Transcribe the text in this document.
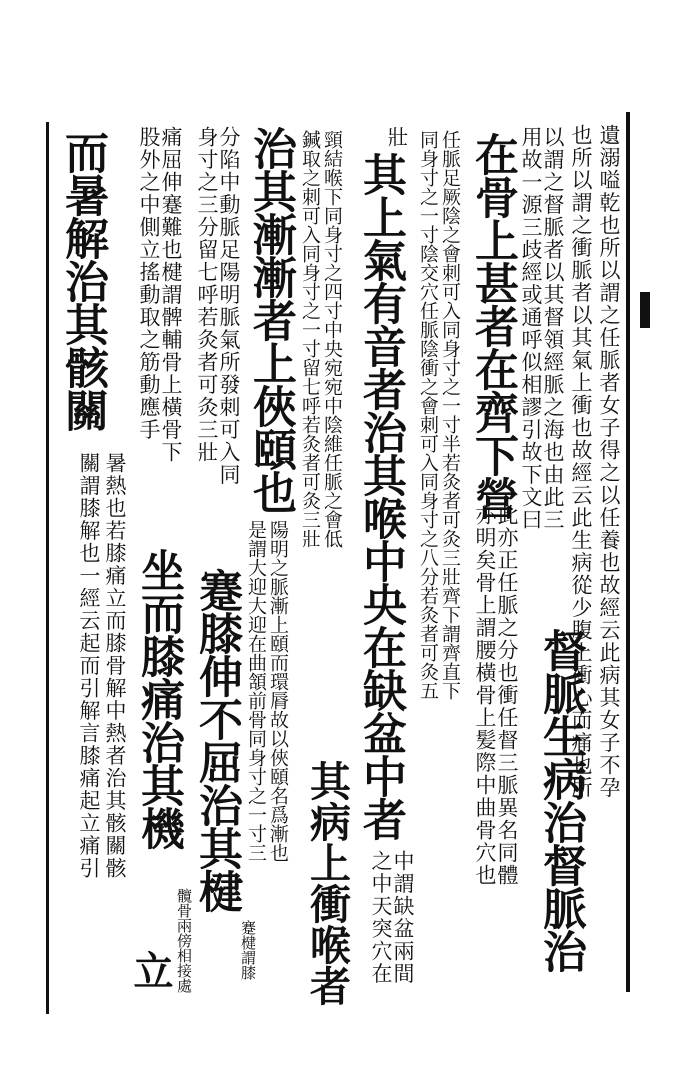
遺溺嗌乾也所以謂之任脈者女子得之以任養也故經云此病其女子不孕
也所以謂之衝脈者以其氣上衝也故經云此生病從少腹上衝心而痛也所
以謂之督脈者以其督領經脈之海也由此三
用故一源三歧經或通呼似相謬引故下文曰
督脈生病治督脈治
在骨上甚者在齊下營
此亦正任脈之分也衝任督三脈異名同體
亦明矣骨上謂腰橫骨上髪際中曲骨穴也
任脈足厥陰之會刺可入同身寸之一寸半若灸者可灸三壯齊下謂齊直下
同身寸之一寸陰交穴任脈陰衝之會刺可入同身寸之八分若灸者可灸五
壯
其上氣有音者治其喉中央在缺盆中者
中謂缺盆兩間
之中天突穴在
其病上衝喉者
頸結喉下同身寸之四寸中央宛宛中陰維任脈之會低
鍼取之刺可入同身寸之一寸留七呼若灸者可灸三壯
治其漸漸者上俠頤也
陽明之脈漸上頤而環脣故以俠頤名爲漸也
是謂大迎大迎在曲頷前骨同身寸之一寸三
分陷中動脈足陽明脈氣所發刺可入同
身寸之三分留七呼若灸者可灸三壯
蹇膝伸不屈治其楗
蹇楗謂膝
痛屈伸蹇難也楗謂髀輔骨上橫骨下
股外之中側立搖動取之筋動應手
坐而膝痛治其機
髖骨兩傍相接處
立
而暑解治其骸關
暑熱也若膝痛立而膝骨解中熱者治其骸關骸
關謂膝解也一經云起而引解言膝痛起立痛引
